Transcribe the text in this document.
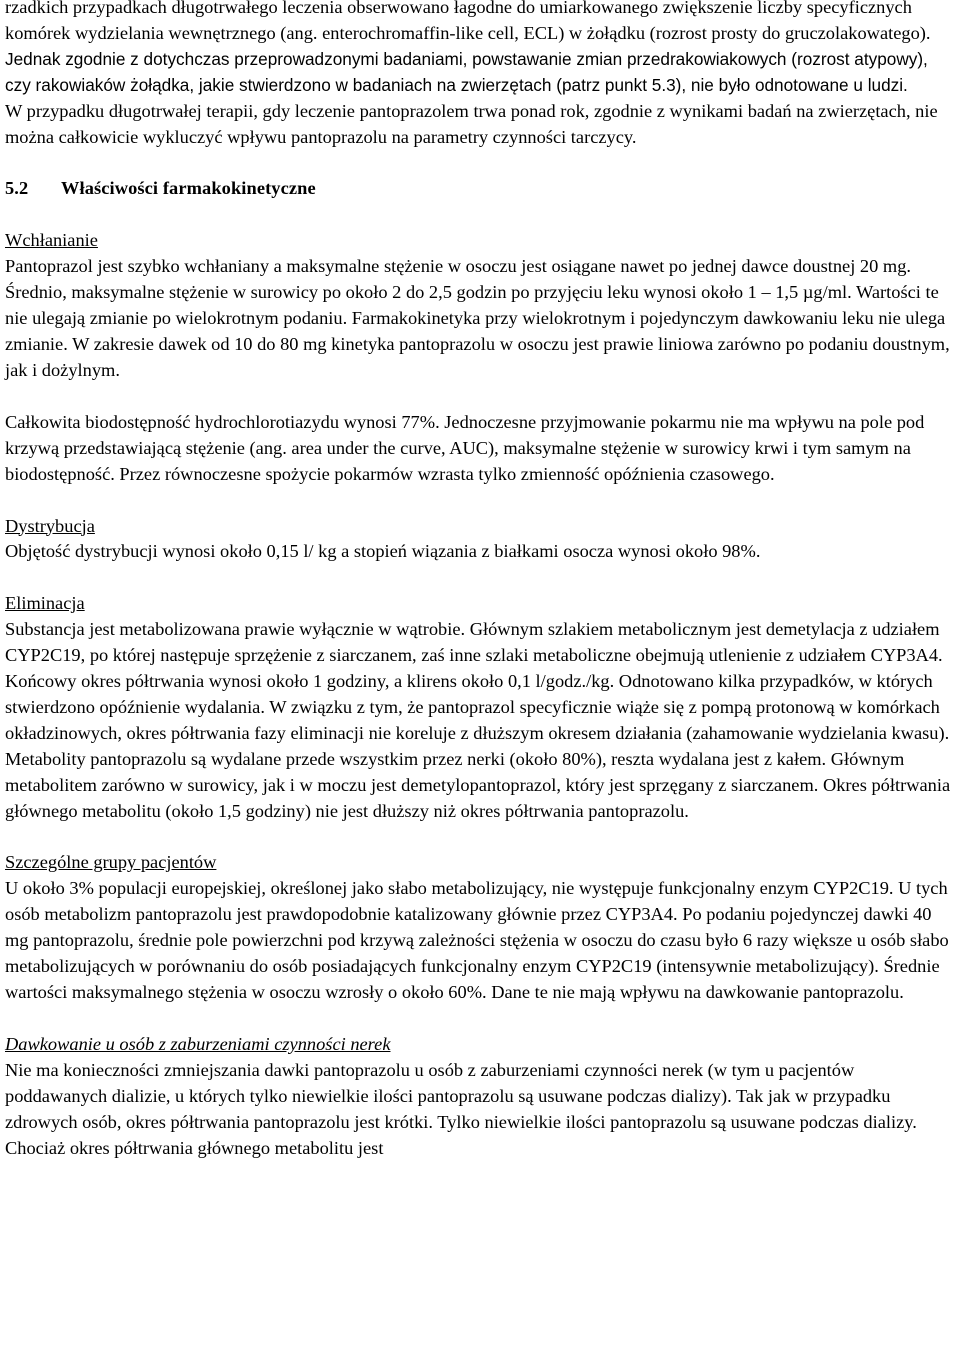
rzadkich przypadkach długotrwałego leczenia obserwowano łagodne do umiarkowanego zwiększenie liczby specyficznych komórek wydzielania wewnętrznego (ang. enterochromaffin-like cell, ECL) w żołądku (rozrost prosty do gruczolakowatego). Jednak zgodnie z dotychczas przeprowadzonymi badaniami, powstawanie zmian przedrakowiakowych (rozrost atypowy), czy rakowiaków żołądka, jakie stwierdzono w badaniach na zwierzętach (patrz punkt 5.3), nie było odnotowane u ludzi.

W przypadku długotrwałej terapii, gdy leczenie pantoprazolem trwa ponad rok, zgodnie z wynikami badań na zwierzętach, nie można całkowicie wykluczyć wpływu pantoprazolu na parametry czynności tarczycy.

5.2 Właściwości farmakokinetyczne

Wchłanianie

Pantoprazol jest szybko wchłaniany a maksymalne stężenie w osoczu jest osiągane nawet po jednej dawce doustnej 20 mg. Średnio, maksymalne stężenie w surowicy po około 2 do 2,5 godzin po przyjęciu leku wynosi około 1 – 1,5 µg/ml. Wartości te nie ulegają zmianie po wielokrotnym podaniu. Farmakokinetyka przy wielokrotnym i pojedynczym dawkowaniu leku nie ulega zmianie. W zakresie dawek od 10 do 80 mg kinetyka pantoprazolu w osoczu jest prawie liniowa zarówno po podaniu doustnym, jak i dożylnym.

Całkowita biodostępność hydrochlorotiazydu wynosi 77%. Jednoczesne przyjmowanie pokarmu nie ma wpływu na pole pod krzywą przedstawiającą stężenie (ang. area under the curve, AUC), maksymalne stężenie w surowicy krwi i tym samym na biodostępność. Przez równoczesne spożycie pokarmów wzrasta tylko zmienność opóźnienia czasowego.

Dystrybucja

Objętość dystrybucji wynosi około 0,15 l/ kg a stopień wiązania z białkami osocza wynosi około 98%.

Eliminacja

Substancja jest metabolizowana prawie wyłącznie w wątrobie. Głównym szlakiem metabolicznym jest demetylacja z udziałem CYP2C19, po której następuje sprzężenie z siarczanem, zaś inne szlaki metaboliczne obejmują utlenienie z udziałem CYP3A4. Końcowy okres półtrwania wynosi około 1 godziny, a klirens około 0,1 l/godz./kg. Odnotowano kilka przypadków, w których stwierdzono opóźnienie wydalania. W związku z tym, że pantoprazol specyficznie wiąże się z pompą protonową w komórkach okładzinowych, okres półtrwania fazy eliminacji nie koreluje z dłuższym okresem działania (zahamowanie wydzielania kwasu).

Metabolity pantoprazolu są wydalane przede wszystkim przez nerki (około 80%), reszta wydalana jest z kałem. Głównym metabolitem zarówno w surowicy, jak i w moczu jest demetylopantoprazol, który jest sprzęgany z siarczanem. Okres półtrwania głównego metabolitu (około 1,5 godziny) nie jest dłuższy niż okres półtrwania pantoprazolu.

Szczególne grupy pacjentów

U około 3% populacji europejskiej, określonej jako słabo metabolizujący, nie występuje funkcjonalny enzym CYP2C19. U tych osób metabolizm pantoprazolu jest prawdopodobnie katalizowany głównie przez CYP3A4. Po podaniu pojedynczej dawki 40 mg pantoprazolu, średnie pole powierzchni pod krzywą zależności stężenia w osoczu do czasu było 6 razy większe u osób słabo metabolizujących w porównaniu do osób posiadających funkcjonalny enzym CYP2C19 (intensywnie metabolizujący). Średnie wartości maksymalnego stężenia w osoczu wzrosły o około 60%. Dane te nie mają wpływu na dawkowanie pantoprazolu.

Dawkowanie u osób z zaburzeniami czynności nerek

Nie ma konieczności zmniejszania dawki pantoprazolu u osób z zaburzeniami czynności nerek (w tym u pacjentów poddawanych dializie, u których tylko niewielkie ilości pantoprazolu są usuwane podczas dializy). Tak jak w przypadku zdrowych osób, okres półtrwania pantoprazolu jest krótki. Tylko niewielkie ilości pantoprazolu są usuwane podczas dializy. Chociaż okres półtrwania głównego metabolitu jest
